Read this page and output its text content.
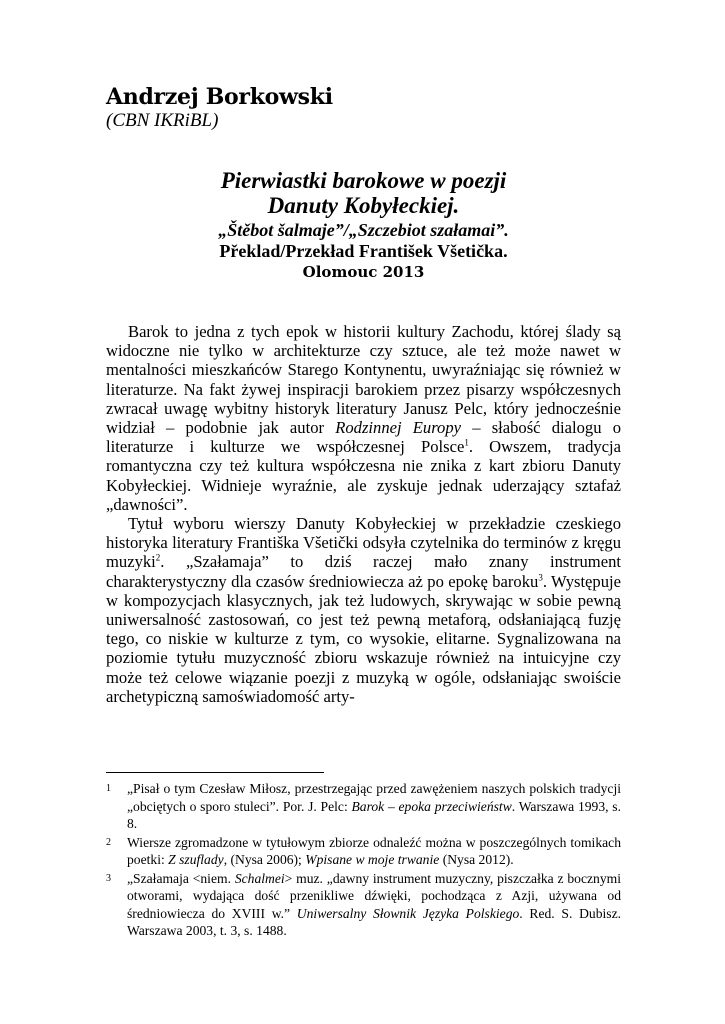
Andrzej Borkowski
(CBN IKRiBL)
Pierwiastki barokowe w poezji
Danuty Kobyłeckiej.
„Štěbot šalmaje”/„Szczebiot szałamai”.
Překlad/Przekład František Všetička.
Olomouc 2013

Barok to jedna z tych epok w historii kultury Zachodu, której ślady są widoczne nie tylko w architekturze czy sztuce, ale też może nawet w mentalności mieszkańców Starego Kontynentu, uwyraźniając się również w literaturze. Na fakt żywej inspiracji barokiem przez pisarzy współczesnych zwracał uwagę wybitny historyk literatury Janusz Pelc, który jednocześnie widział – podobnie jak autor Rodzinnej Europy – słabość dialogu o literaturze i kulturze we współczesnej Polsce$^1$. Owszem, tradycja romantyczna czy też kultura współczesna nie znika z kart zbioru Danuty Kobyłeckiej. Widnieje wyraźnie, ale zyskuje jednak uderzający sztafaż „dawności”.

Tytuł wyboru wierszy Danuty Kobyłeckiej w przekładzie czeskiego historyka literatury Františka Všetički odsyła czytelnika do terminów z kręgu muzyki$^2$. „Szałamaja” to dziś raczej mało znany instrument charakterystyczny dla czasów średniowiecza aż po epokę baroku$^3$. Występuje w kompozycjach klasycznych, jak też ludowych, skrywając w sobie pewną uniwersalność zastosowań, co jest też pewną metaforą, odsłaniającą fuzję tego, co niskie w kulturze z tym, co wysokie, elitarne. Sygnalizowana na poziomie tytułu muzyczność zbioru wskazuje również na intuicyjne czy może też celowe wiązanie poezji z muzyką w ogóle, odsłaniając swoiście archetypiczną samoświadomość arty-

1 „Pisał o tym Czesław Miłosz, przestrzegając przed zawężeniem naszych polskich tradycji „obciętych o sporo stuleci”. Por. J. Pelc: Barok – epoka przeciwieństw. Warszawa 1993, s. 8.
2 Wiersze zgromadzone w tytułowym zbiorze odnaleźć można w poszczególnych tomikach poetki: Z szuflady, (Nysa 2006); Wpisane w moje trwanie (Nysa 2012).
3 „Szałamaja <niem. Schalmei> muz. „dawny instrument muzyczny, piszczałka z bocznymi otworami, wydająca dość przenikliwe dźwięki, pochodząca z Azji, używana od średniowiecza do XVIII w.” Uniwersalny Słownik Języka Polskiego. Red. S. Dubisz. Warszawa 2003, t. 3, s. 1488.
